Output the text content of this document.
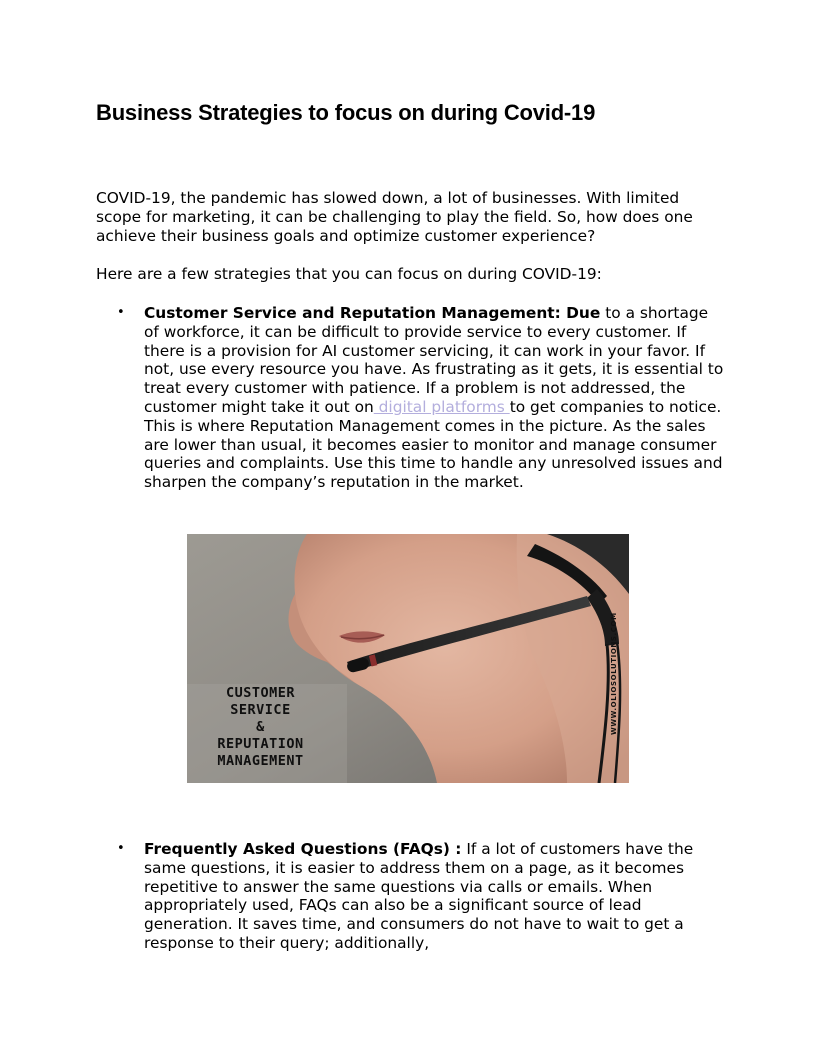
Business Strategies to focus on during Covid-19

COVID-19, the pandemic has slowed down, a lot of businesses. With limited scope for marketing, it can be challenging to play the field. So, how does one achieve their business goals and optimize customer experience?

Here are a few strategies that you can focus on during COVID-19:

• Customer Service and Reputation Management: Due to a shortage of workforce, it can be difficult to provide service to every customer. If there is a provision for AI customer servicing, it can work in your favor. If not, use every resource you have. As frustrating as it gets, it is essential to treat every customer with patience. If a problem is not addressed, the customer might take it out on digital platforms to get companies to notice. This is where Reputation Management comes in the picture. As the sales are lower than usual, it becomes easier to monitor and manage consumer queries and complaints. Use this time to handle any unresolved issues and sharpen the company’s reputation in the market.

CUSTOMER
SERVICE
&
REPUTATION
MANAGEMENT
WWW.OLIOSOLUTIONS.COM
• Frequently Asked Questions (FAQs) : If a lot of customers have the same questions, it is easier to address them on a page, as it becomes repetitive to answer the same questions via calls or emails. When appropriately used, FAQs can also be a significant source of lead generation. It saves time, and consumers do not have to wait to get a response to their query; additionally,
